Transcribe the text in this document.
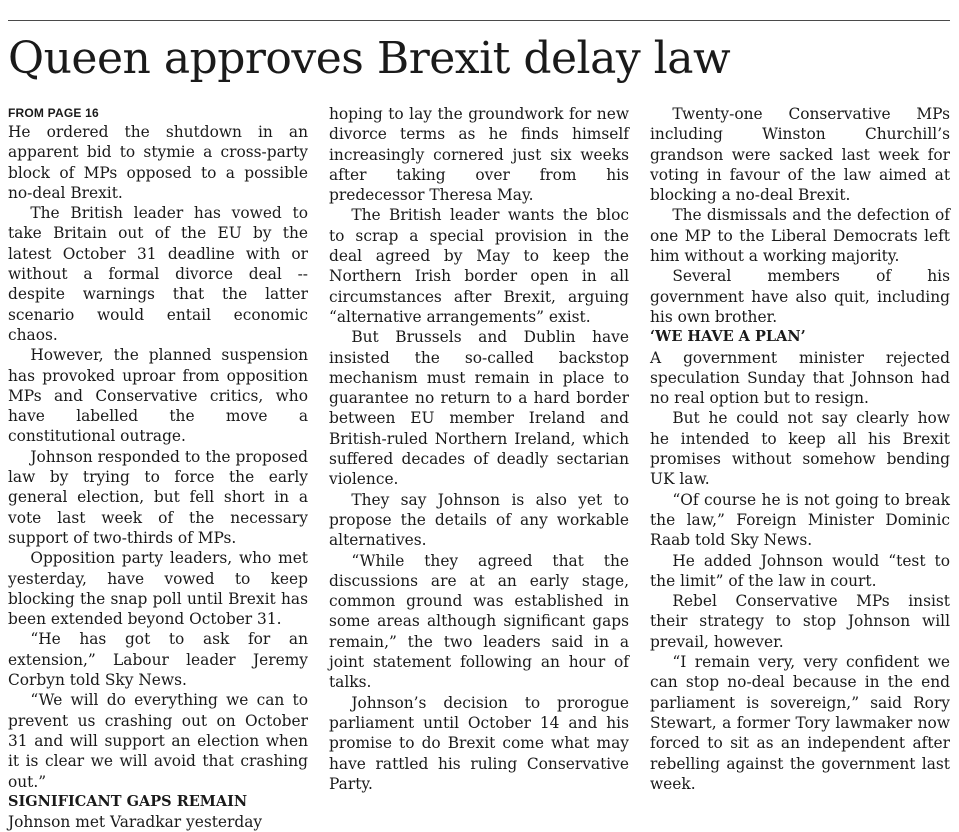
Queen approves Brexit delay law
FROM PAGE 16

He ordered the shutdown in an apparent bid to stymie a cross-party block of MPs opposed to a possible no-deal Brexit.

The British leader has vowed to take Britain out of the EU by the latest October 31 deadline with or without a formal divorce deal -- despite warnings that the latter scenario would entail economic chaos.

However, the planned suspension has provoked uproar from opposition MPs and Conservative critics, who have labelled the move a constitutional outrage.

Johnson responded to the proposed law by trying to force the early general election, but fell short in a vote last week of the necessary support of two-thirds of MPs.

Opposition party leaders, who met yesterday, have vowed to keep blocking the snap poll until Brexit has been extended beyond October 31.

“He has got to ask for an extension,” Labour leader Jeremy Corbyn told Sky News.

“We will do everything we can to prevent us crashing out on October 31 and will support an election when it is clear we will avoid that crashing out.”

SIGNIFICANT GAPS REMAIN

Johnson met Varadkar yesterday

hoping to lay the groundwork for new divorce terms as he finds himself increasingly cornered just six weeks after taking over from his predecessor Theresa May.

The British leader wants the bloc to scrap a special provision in the deal agreed by May to keep the Northern Irish border open in all circumstances after Brexit, arguing “alternative arrangements” exist.

But Brussels and Dublin have insisted the so-called backstop mechanism must remain in place to guarantee no return to a hard border between EU member Ireland and British-ruled Northern Ireland, which suffered decades of deadly sectarian violence.

They say Johnson is also yet to propose the details of any workable alternatives.

“While they agreed that the discussions are at an early stage, common ground was established in some areas although significant gaps remain,” the two leaders said in a joint statement following an hour of talks.

Johnson’s decision to prorogue parliament until October 14 and his promise to do Brexit come what may have rattled his ruling Conservative Party.

Twenty-one Conservative MPs including Winston Churchill’s grandson were sacked last week for voting in favour of the law aimed at blocking a no-deal Brexit.

The dismissals and the defection of one MP to the Liberal Democrats left him without a working majority.

Several members of his government have also quit, including his own brother.

‘WE HAVE A PLAN’

A government minister rejected speculation Sunday that Johnson had no real option but to resign.

But he could not say clearly how he intended to keep all his Brexit promises without somehow bending UK law.

“Of course he is not going to break the law,” Foreign Minister Dominic Raab told Sky News.

He added Johnson would “test to the limit” of the law in court.

Rebel Conservative MPs insist their strategy to stop Johnson will prevail, however.

“I remain very, very confident we can stop no-deal because in the end parliament is sovereign,” said Rory Stewart, a former Tory lawmaker now forced to sit as an independent after rebelling against the government last week.
